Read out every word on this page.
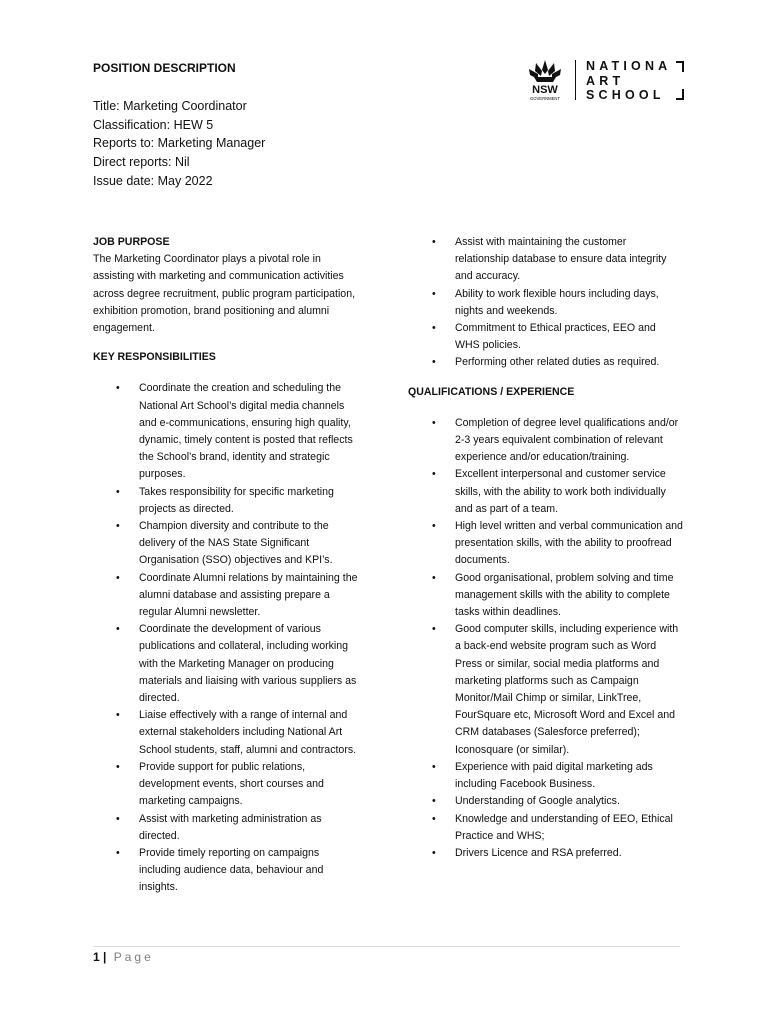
POSITION DESCRIPTION
Title: Marketing Coordinator
Classification: HEW 5
Reports to: Marketing Manager
Direct reports: Nil
Issue date: May 2022
NSW
GOVERNMENT
NATIONA
ART
SCHOOL
JOB PURPOSE

The Marketing Coordinator plays a pivotal role in assisting with marketing and communication activities across degree recruitment, public program participation, exhibition promotion, brand positioning and alumni engagement.

KEY RESPONSIBILITIES
• Coordinate the creation and scheduling the National Art School’s digital media channels and e-communications, ensuring high quality, dynamic, timely content is posted that reflects the School’s brand, identity and strategic purposes.
• Takes responsibility for specific marketing projects as directed.
• Champion diversity and contribute to the delivery of the NAS State Significant Organisation (SSO) objectives and KPI’s.
• Coordinate Alumni relations by maintaining the alumni database and assisting prepare a regular Alumni newsletter.
• Coordinate the development of various publications and collateral, including working with the Marketing Manager on producing materials and liaising with various suppliers as directed.
• Liaise effectively with a range of internal and external stakeholders including National Art School students, staff, alumni and contractors.
• Provide support for public relations, development events, short courses and marketing campaigns.
• Assist with marketing administration as directed.
• Provide timely reporting on campaigns including audience data, behaviour and insights.
• Assist with maintaining the customer relationship database to ensure data integrity and accuracy.
• Ability to work flexible hours including days, nights and weekends.
• Commitment to Ethical practices, EEO and WHS policies.
• Performing other related duties as required.
QUALIFICATIONS / EXPERIENCE
• Completion of degree level qualifications and/or 2-3 years equivalent combination of relevant experience and/or education/training.
• Excellent interpersonal and customer service skills, with the ability to work both individually and as part of a team.
• High level written and verbal communication and presentation skills, with the ability to proofread documents.
• Good organisational, problem solving and time management skills with the ability to complete tasks within deadlines.
• Good computer skills, including experience with a back-end website program such as Word Press or similar, social media platforms and marketing platforms such as Campaign Monitor/Mail Chimp or similar, LinkTree, FourSquare etc, Microsoft Word and Excel and CRM databases (Salesforce preferred); Iconosquare (or similar).
• Experience with paid digital marketing ads including Facebook Business.
• Understanding of Google analytics.
• Knowledge and understanding of EEO, Ethical Practice and WHS;
• Drivers Licence and RSA preferred.
1 | Page
